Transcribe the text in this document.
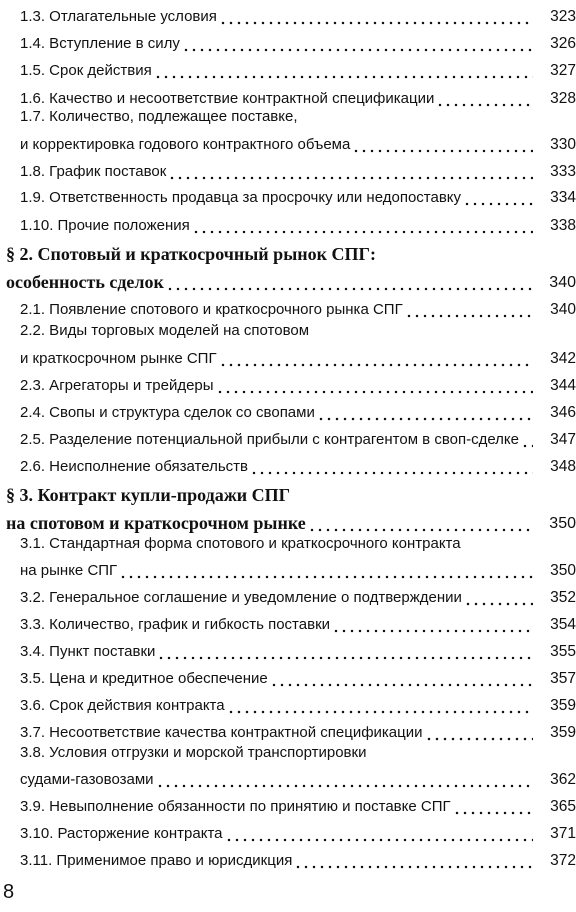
1.3. Отлагательные условия	323
1.4. Вступление в силу	326
1.5. Срок действия	327
1.6. Качество и несоответствие контрактной спецификации	328
1.7. Количество, подлежащее поставке,
и корректировка годового контрактного объема	330
1.8. График поставок	333
1.9. Ответственность продавца за просрочку или недопоставку	334
1.10. Прочие положения	338
§ 2. Спотовый и краткосрочный рынок СПГ:
особенность сделок	340
2.1. Появление спотового и краткосрочного рынка СПГ	340
2.2. Виды торговых моделей на спотовом
и краткосрочном рынке СПГ	342
2.3. Агрегаторы и трейдеры	344
2.4. Свопы и структура сделок со свопами	346
2.5. Разделение потенциальной прибыли с контрагентом в своп-сделке	347
2.6. Неисполнение обязательств	348
§ 3. Контракт купли-продажи СПГ
на спотовом и краткосрочном рынке	350
3.1. Стандартная форма спотового и краткосрочного контракта
на рынке СПГ	350
3.2. Генеральное соглашение и уведомление о подтверждении	352
3.3. Количество, график и гибкость поставки	354
3.4. Пункт поставки	355
3.5. Цена и кредитное обеспечение	357
3.6. Срок действия контракта	359
3.7. Несоответствие качества контрактной спецификации	359
3.8. Условия отгрузки и морской транспортировки
судами-газовозами	362
3.9. Невыполнение обязанности по принятию и поставке СПГ	365
3.10. Расторжение контракта	371
3.11. Применимое право и юрисдикция	372
8
